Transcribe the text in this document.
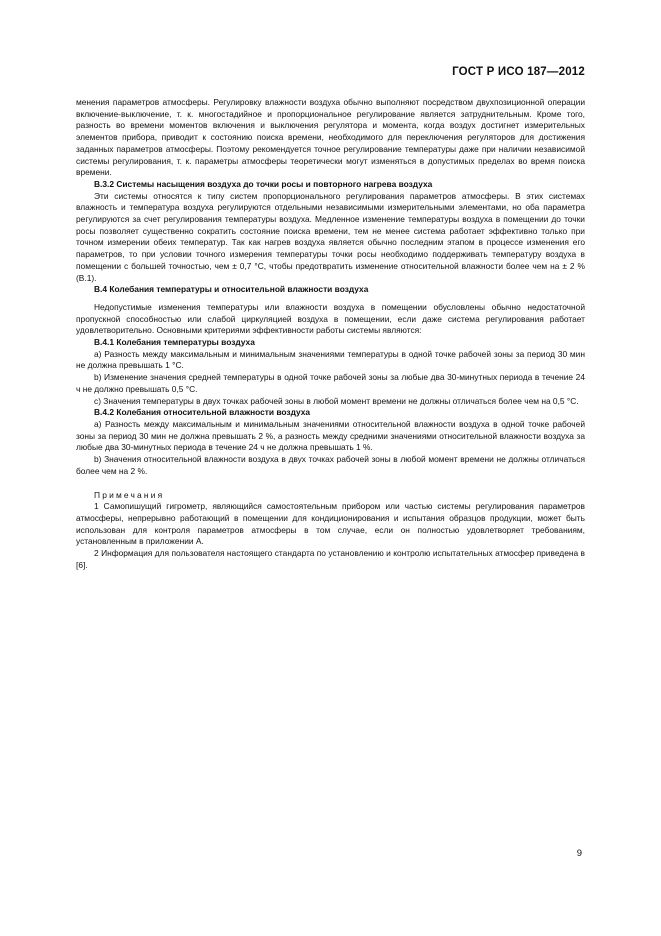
ГОСТ Р ИСО 187—2012

менения параметров атмосферы. Регулировку влажности воздуха обычно выполняют посредством двухпозиционной операции включение-выключение, т. к. многостадийное и пропорциональное регулирование является затруднительным. Кроме того, разность во времени моментов включения и выключения регулятора и момента, когда воздух достигнет измерительных элементов прибора, приводит к состоянию поиска времени, необходимого для переключения регуляторов для достижения заданных параметров атмосферы. Поэтому рекомендуется точное регулирование температуры даже при наличии независимой системы регулирования, т. к. параметры атмосферы теоретически могут изменяться в допустимых пределах во время поиска времени.

В.3.2 Системы насыщения воздуха до точки росы и повторного нагрева воздуха

Эти системы относятся к типу систем пропорционального регулирования параметров атмосферы. В этих системах влажность и температура воздуха регулируются отдельными независимыми измерительными элементами, но оба параметра регулируются за счет регулирования температуры воздуха. Медленное изменение температуры воздуха в помещении до точки росы позволяет существенно сократить состояние поиска времени, тем не менее система работает эффективно только при точном измерении обеих температур. Так как нагрев воздуха является обычно последним этапом в процессе изменения его параметров, то при условии точного измерения температуры точки росы необходимо поддерживать температуру воздуха в помещении с большей точностью, чем ± 0,7 °С, чтобы предотвратить изменение относительной влажности более чем на ± 2 % (В.1).

В.4 Колебания температуры и относительной влажности воздуха

Недопустимые изменения температуры или влажности воздуха в помещении обусловлены обычно недостаточной пропускной способностью или слабой циркуляцией воздуха в помещении, если даже система регулирования работает удовлетворительно. Основными критериями эффективности работы системы являются:

В.4.1 Колебания температуры воздуха

а) Разность между максимальным и минимальным значениями температуры в одной точке рабочей зоны за период 30 мин не должна превышать 1 °С.

b) Изменение значения средней температуры в одной точке рабочей зоны за любые два 30-минутных периода в течение 24 ч не должно превышать 0,5 °С.

с) Значения температуры в двух точках рабочей зоны в любой момент времени не должны отличаться более чем на 0,5 °С.

В.4.2 Колебания относительной влажности воздуха

а) Разность между максимальным и минимальным значениями относительной влажности воздуха в одной точке рабочей зоны за период 30 мин не должна превышать 2 %, а разность между средними значениями относительной влажности воздуха за любые два 30-минутных периода в течение 24 ч не должна превышать 1 %.

b) Значения относительной влажности воздуха в двух точках рабочей зоны в любой момент времени не должны отличаться более чем на 2 %.

Примечания

1 Самопишущий гигрометр, являющийся самостоятельным прибором или частью системы регулирования параметров атмосферы, непрерывно работающий в помещении для кондиционирования и испытания образцов продукции, может быть использован для контроля параметров атмосферы в том случае, если он полностью удовлетворяет требованиям, установленным в приложении А.

2 Информация для пользователя настоящего стандарта по установлению и контролю испытательных атмосфер приведена в [6].

9
